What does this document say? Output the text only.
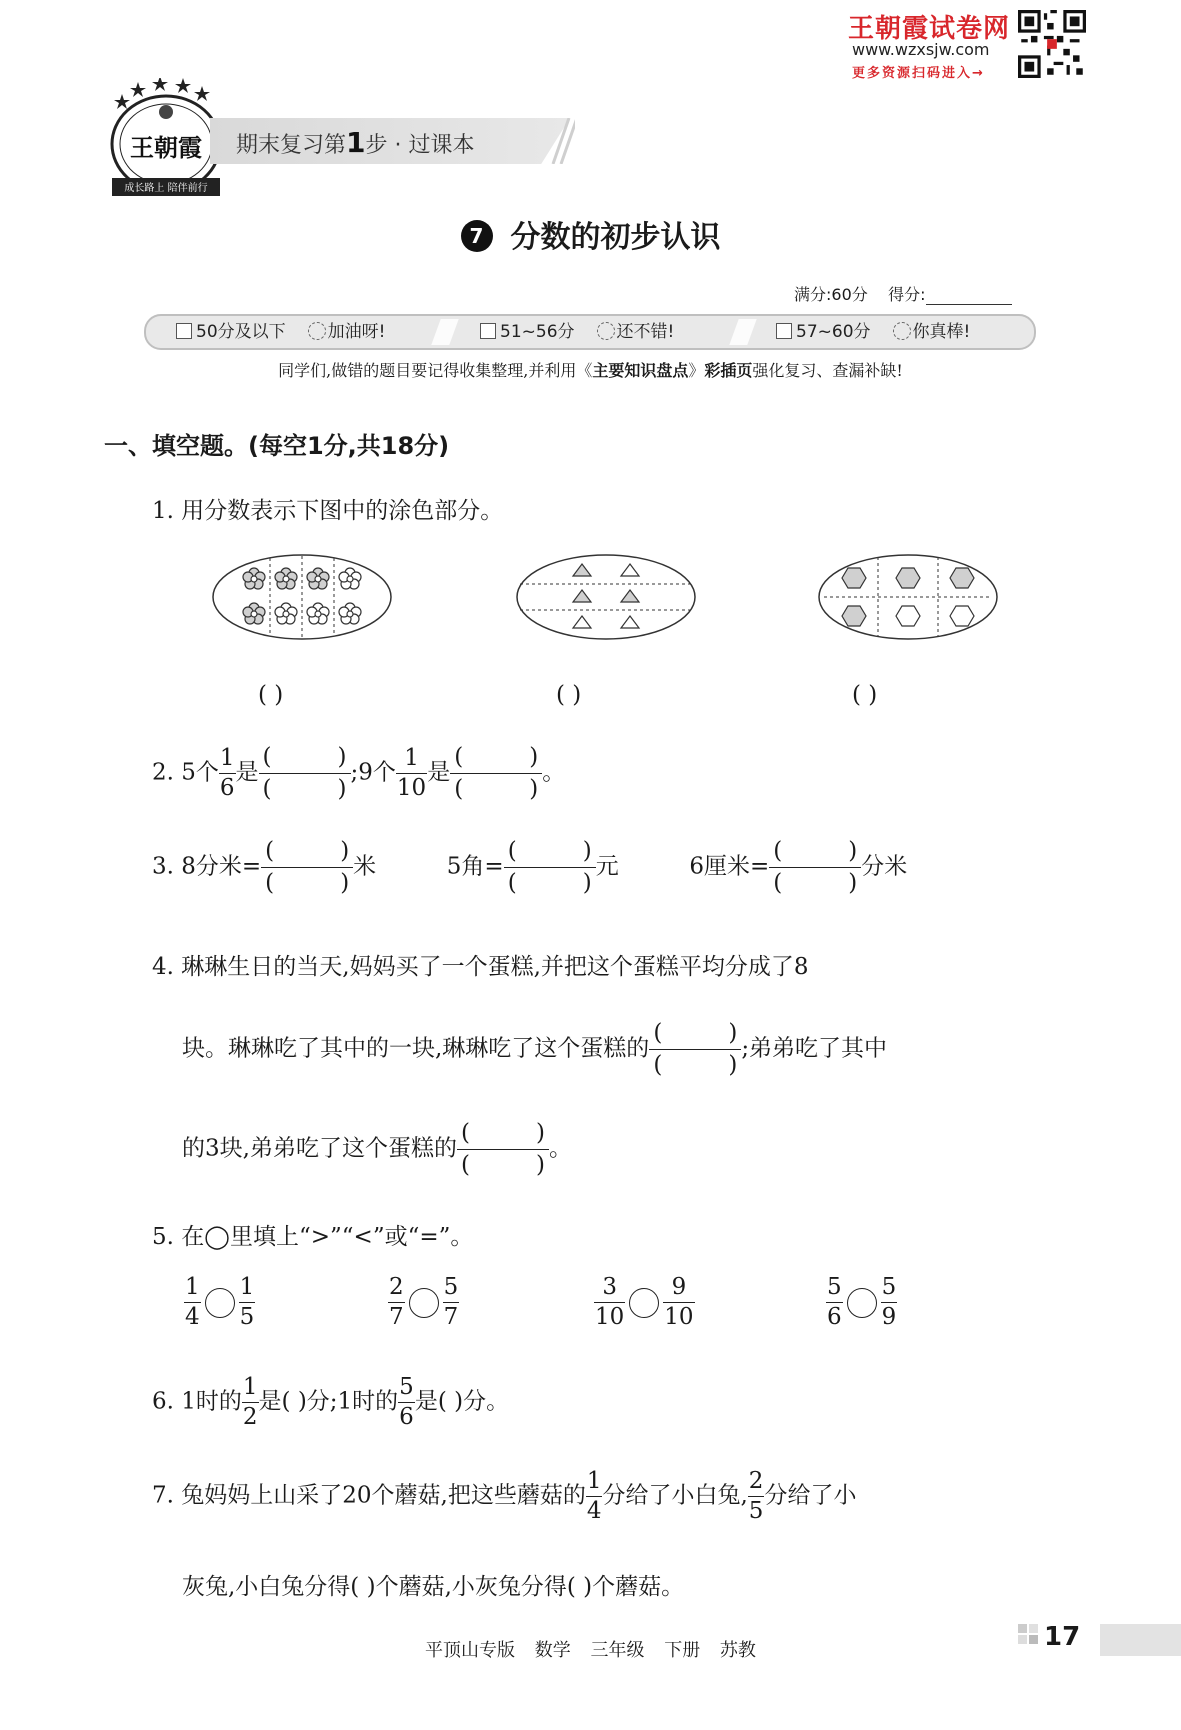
王朝霞试卷网
www.wzxsjw.com
更多资源扫码进入→
王朝霞
成长路上 陪伴前行
期末复习第1步 · 过课本
7 分数的初步认识
满分:60分 得分:
50分及以下 加油呀!	51~56分 还不错!	57~60分 你真棒!
同学们,做错的题目要记得收集整理,并利用《主要知识盘点》彩插页强化复习、查漏补缺!
一、填空题。(每空1分,共18分)
1. 用分数表示下图中的涂色部分。
( )	( )	( )
2. 5个 $\frac{1}{6}$ 是
(	)
(	)
;9个 $\frac{1}{10}$ 是
(	)
(	)
。
3. 8分米=
(	)
(	)
米	5角=
(	)
(	)
元	6厘米=
(	)
(	)
分米
4. 琳琳生日的当天,妈妈买了一个蛋糕,并把这个蛋糕平均分成了8
块。琳琳吃了其中的一块,琳琳吃了这个蛋糕的
(	)
(	)
;弟弟吃了其中
的3块,弟弟吃了这个蛋糕的
(	)
(	)
。
5. 在◯里填上“>”“<”或“=”。
$\frac{1}{4} \frac{1}{5}$	$\frac{2}{7} \frac{5}{7}$	$\frac{3}{10} \frac{9}{10}$	$\frac{5}{6} \frac{5}{9}$
6. 1时的 $\frac{1}{2}$ 是( )分;1时的 $\frac{5}{6}$ 是( )分。
7. 兔妈妈上山采了20个蘑菇,把这些蘑菇的 $\frac{1}{4}$ 分给了小白兔, $\frac{2}{5}$ 分给了小
灰兔,小白兔分得( )个蘑菇,小灰兔分得( )个蘑菇。
平顶山专版 数学 三年级 下册 苏教	17
